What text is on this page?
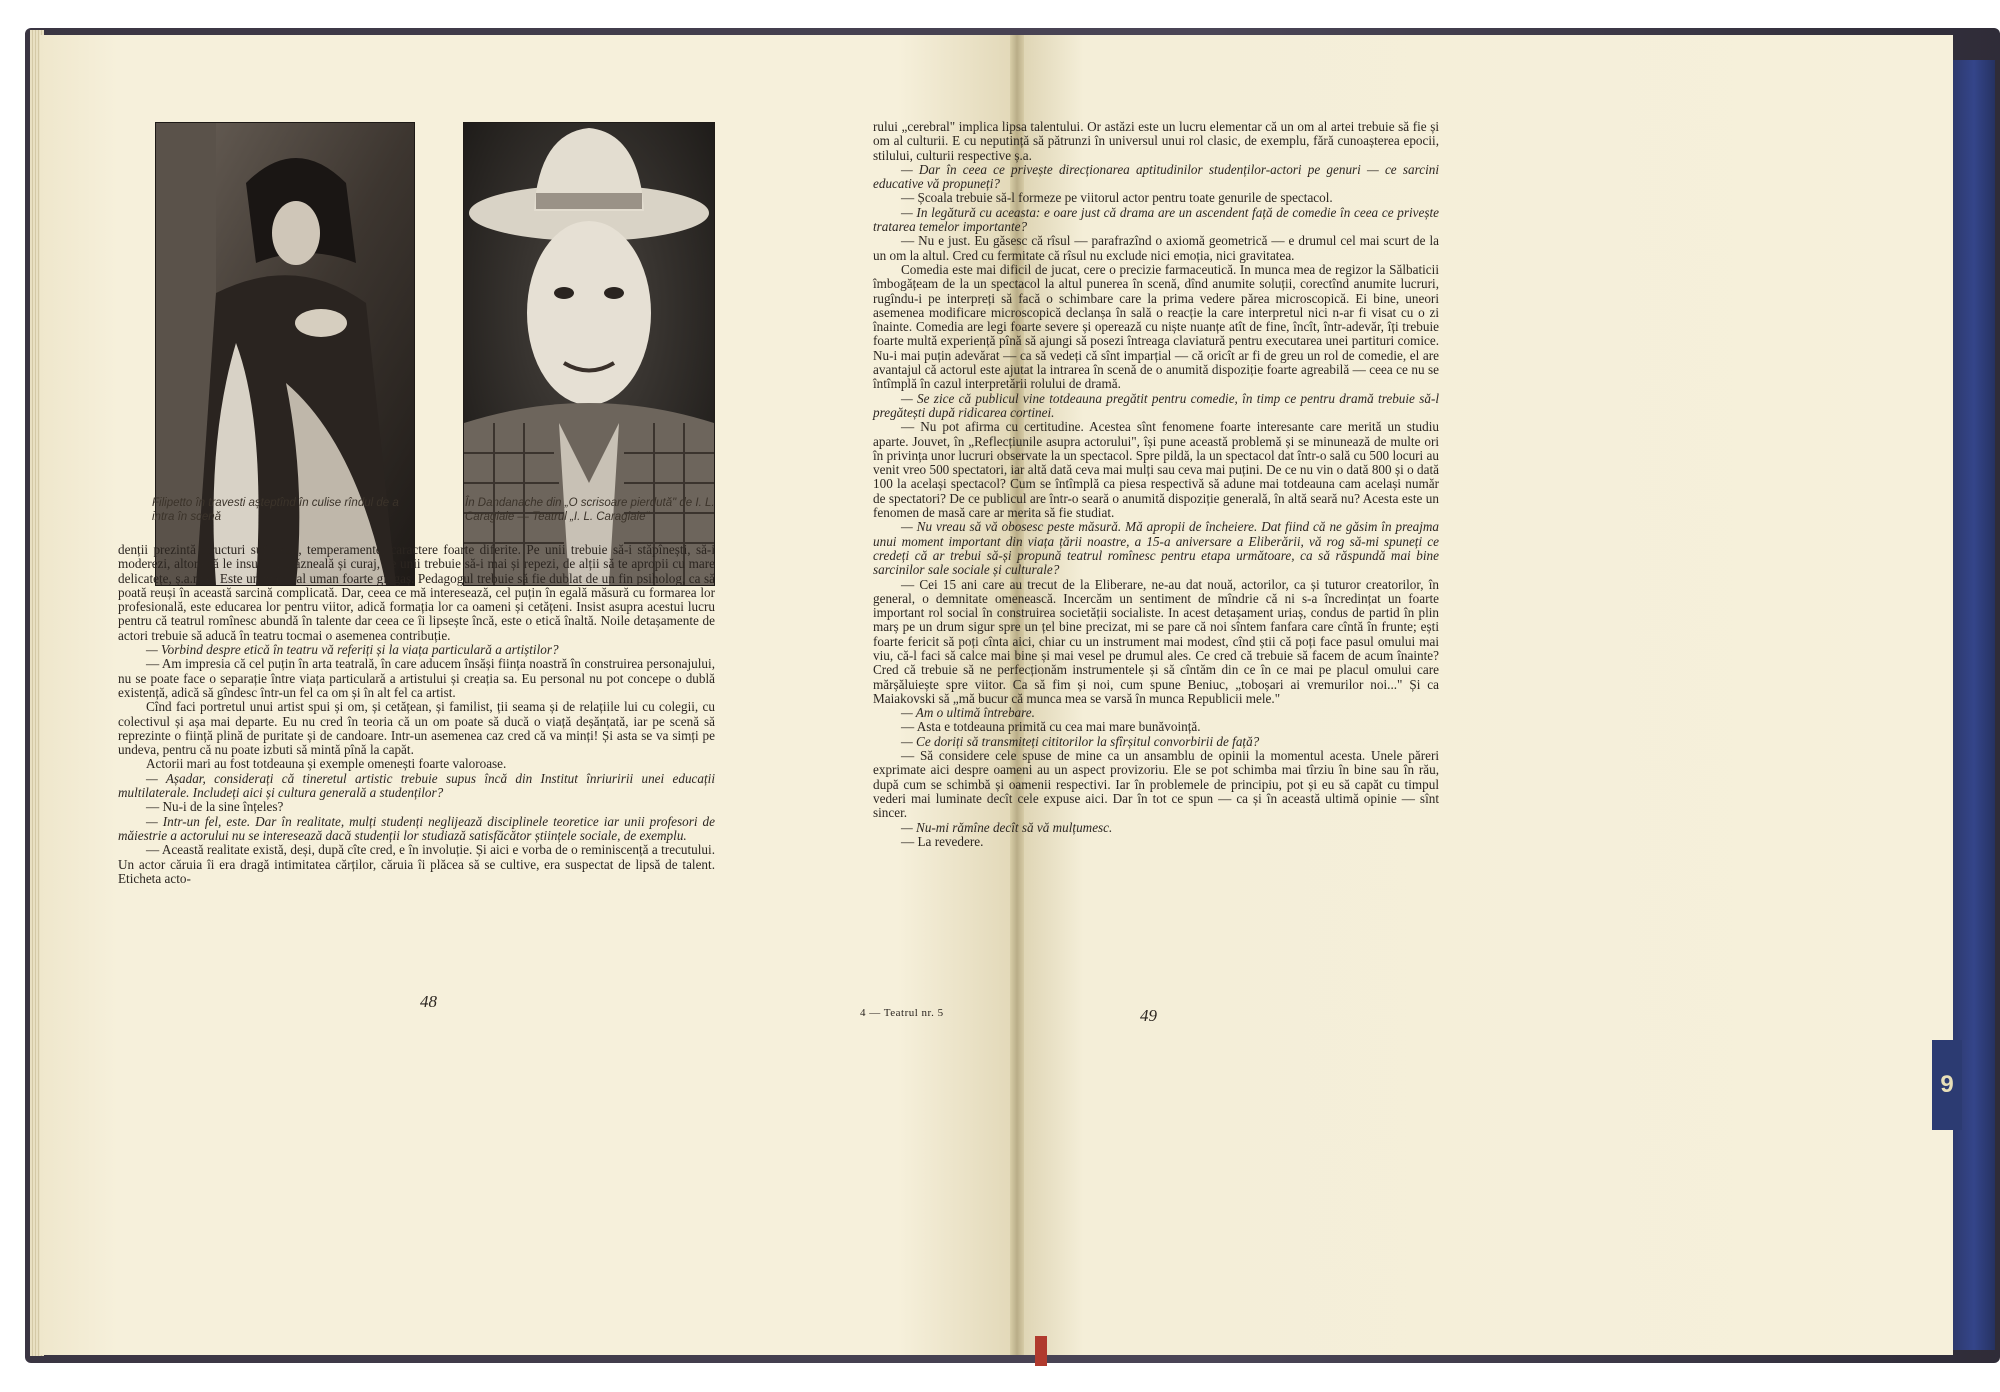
9
Filipetto în travesti așteptînd în culise rîndul de a intra în scenă
În Dandanache din „O scrisoare pierdută" de I. L. Caragiale — Teatrul „I. L. Caragiale"

denții prezintă structuri sufletești, temperamente, caractere foarte diferite. Pe unii trebuie să-i stăpînești, să-i moderezi, altora să le insufli îndrăzneală și curaj, pe unii trebuie să-i mai și repezi, de alții să te apropii cu mare delicatețe, ș.a.m.d. Este un material uman foarte gingaș. Pedagogul trebuie să fie dublat de un fin psiholog, ca să poată reuși în această sarcină complicată. Dar, ceea ce mă interesează, cel puțin în egală măsură cu formarea lor profesională, este educarea lor pentru viitor, adică formația lor ca oameni și cetățeni. Insist asupra acestui lucru pentru că teatrul romînesc abundă în talente dar ceea ce îi lipsește încă, este o etică înaltă. Noile detașamente de actori trebuie să aducă în teatru tocmai o asemenea contribuție.

— Vorbind despre etică în teatru vă referiți și la viața particulară a artiștilor?

— Am impresia că cel puțin în arta teatrală, în care aducem însăși ființa noastră în construirea personajului, nu se poate face o separație între viața particulară a artistului și creația sa. Eu personal nu pot concepe o dublă existență, adică să gîndesc într-un fel ca om și în alt fel ca artist.

Cînd faci portretul unui artist spui și om, și cetățean, și familist, ții seama și de relațiile lui cu colegii, cu colectivul și așa mai departe. Eu nu cred în teoria că un om poate să ducă o viață deșănțată, iar pe scenă să reprezinte o ființă plină de puritate și de candoare. Intr-un asemenea caz cred că va minți! Și asta se va simți pe undeva, pentru că nu poate izbuti să mintă pînă la capăt.

Actorii mari au fost totdeauna și exemple omenești foarte valoroase.

— Așadar, considerați că tineretul artistic trebuie supus încă din Institut înriuririi unei educații multilaterale. Includeți aici și cultura generală a studenților?

— Nu-i de la sine înțeles?

— Intr-un fel, este. Dar în realitate, mulți studenți neglijează disciplinele teoretice iar unii profesori de măiestrie a actorului nu se interesează dacă studenții lor studiază satisfăcător științele sociale, de exemplu.

— Această realitate există, deși, după cîte cred, e în involuție. Și aici e vorba de o reminiscență a trecutului. Un actor căruia îi era dragă intimitatea cărților, căruia îi plăcea să se cultive, era suspectat de lipsă de talent. Eticheta acto-

48

rului „cerebral" implica lipsa talentului. Or astăzi este un lucru elementar că un om al artei trebuie să fie și om al culturii. E cu neputință să pătrunzi în universul unui rol clasic, de exemplu, fără cunoașterea epocii, stilului, culturii respective ș.a.

— Dar în ceea ce privește direcționarea aptitudinilor studenților-actori pe genuri — ce sarcini educative vă propuneți?

— Școala trebuie să-l formeze pe viitorul actor pentru toate genurile de spectacol.

— In legătură cu aceasta: e oare just că drama are un ascendent față de comedie în ceea ce privește tratarea temelor importante?

— Nu e just. Eu găsesc că rîsul — parafrazînd o axiomă geometrică — e drumul cel mai scurt de la un om la altul. Cred cu fermitate că rîsul nu exclude nici emoția, nici gravitatea.

Comedia este mai dificil de jucat, cere o precizie farmaceutică. In munca mea de regizor la Sălbaticii îmbogățeam de la un spectacol la altul punerea în scenă, dînd anumite soluții, corectînd anumite lucruri, rugîndu-i pe interpreți să facă o schimbare care la prima vedere părea microscopică. Ei bine, uneori asemenea modificare microscopică declanșa în sală o reacție la care interpretul nici n-ar fi visat cu o zi înainte. Comedia are legi foarte severe și operează cu niște nuanțe atît de fine, încît, într-adevăr, îți trebuie foarte multă experiență pînă să ajungi să posezi întreaga claviatură pentru executarea unei partituri comice. Nu-i mai puțin adevărat — ca să vedeți că sînt imparțial — că oricît ar fi de greu un rol de comedie, el are avantajul că actorul este ajutat la intrarea în scenă de o anumită dispoziție foarte agreabilă — ceea ce nu se întîmplă în cazul interpretării rolului de dramă.

— Se zice că publicul vine totdeauna pregătit pentru comedie, în timp ce pentru dramă trebuie să-l pregătești după ridicarea cortinei.

— Nu pot afirma cu certitudine. Acestea sînt fenomene foarte interesante care merită un studiu aparte. Jouvet, în „Reflecțiunile asupra actorului", își pune această problemă și se minunează de multe ori în privința unor lucruri observate la un spectacol. Spre pildă, la un spectacol dat într-o sală cu 500 locuri au venit vreo 500 spectatori, iar altă dată ceva mai mulți sau ceva mai puțini. De ce nu vin o dată 800 și o dată 100 la același spectacol? Cum se întîmplă ca piesa respectivă să adune mai totdeauna cam același număr de spectatori? De ce publicul are într-o seară o anumită dispoziție generală, în altă seară nu? Acesta este un fenomen de masă care ar merita să fie studiat.

— Nu vreau să vă obosesc peste măsură. Mă apropii de încheiere. Dat fiind că ne găsim în preajma unui moment important din viața țării noastre, a 15-a aniversare a Eliberării, vă rog să-mi spuneți ce credeți că ar trebui să-și propună teatrul romînesc pentru etapa următoare, ca să răspundă mai bine sarcinilor sale sociale și culturale?

— Cei 15 ani care au trecut de la Eliberare, ne-au dat nouă, actorilor, ca și tuturor creatorilor, în general, o demnitate omenească. Incercăm un sentiment de mîndrie că ni s-a încredințat un foarte important rol social în construirea societății socialiste. In acest detașament uriaș, condus de partid în plin marș pe un drum sigur spre un țel bine precizat, mi se pare că noi sîntem fanfara care cîntă în frunte; ești foarte fericit să poți cînta aici, chiar cu un instrument mai modest, cînd știi că poți face pasul omului mai viu, că-l faci să calce mai bine și mai vesel pe drumul ales. Ce cred că trebuie să facem de acum înainte? Cred că trebuie să ne perfecționăm instrumentele și să cîntăm din ce în ce mai pe placul omului care mărșăluiește spre viitor. Ca să fim și noi, cum spune Beniuc, „toboșari ai vremurilor noi..." Și ca Maiakovski să „mă bucur că munca mea se varsă în munca Republicii mele."

— Am o ultimă întrebare.

— Asta e totdeauna primită cu cea mai mare bunăvoință.

— Ce doriți să transmiteți cititorilor la sfîrșitul convorbirii de față?

— Să considere cele spuse de mine ca un ansamblu de opinii la momentul acesta. Unele păreri exprimate aici despre oameni au un aspect provizoriu. Ele se pot schimba mai tîrziu în bine sau în rău, după cum se schimbă și oamenii respectivi. Iar în problemele de principiu, pot și eu să capăt cu timpul vederi mai luminate decît cele expuse aici. Dar în tot ce spun — ca și în această ultimă opinie — sînt sincer.

— Nu-mi rămîne decît să vă mulțumesc.

— La revedere.

4 — Teatrul nr. 5	49
